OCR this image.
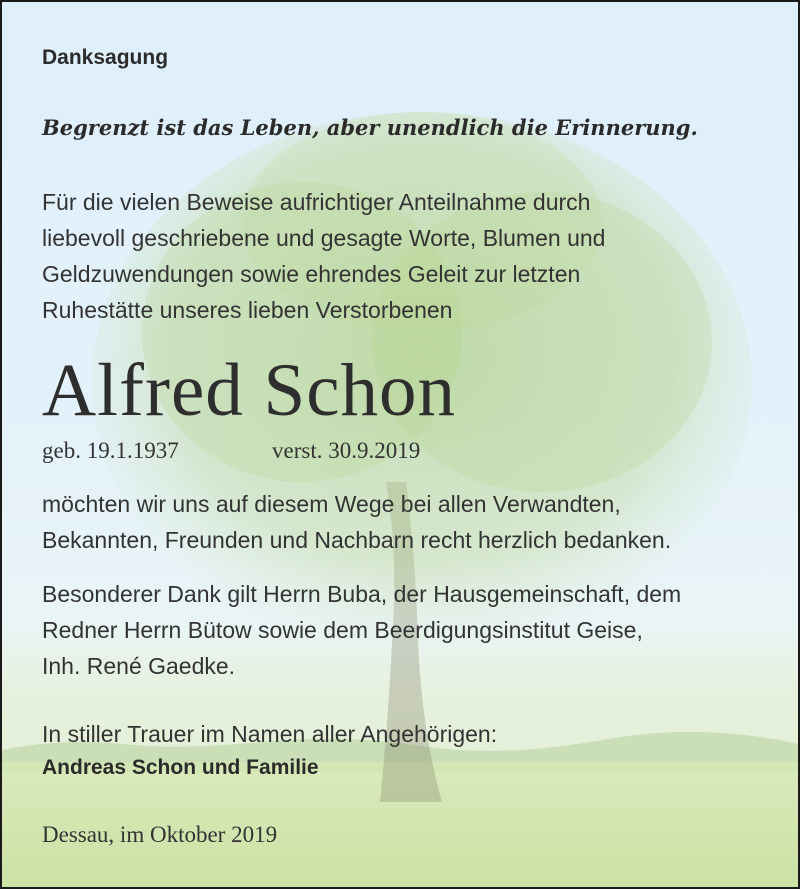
Danksagung
Begrenzt ist das Leben, aber unendlich die Erinnerung.
Für die vielen Beweise aufrichtiger Anteilnahme durch
liebevoll geschriebene und gesagte Worte, Blumen und
Geldzuwendungen sowie ehrendes Geleit zur letzten
Ruhestätte unseres lieben Verstorbenen
Alfred Schon
geb. 19.1.1937	verst. 30.9.2019
möchten wir uns auf diesem Wege bei allen Verwandten,
Bekannten, Freunden und Nachbarn recht herzlich bedanken.
Besonderer Dank gilt Herrn Buba, der Hausgemeinschaft, dem
Redner Herrn Bütow sowie dem Beerdigungsinstitut Geise,
Inh. René Gaedke.
In stiller Trauer im Namen aller Angehörigen:
Andreas Schon und Familie
Dessau, im Oktober 2019
